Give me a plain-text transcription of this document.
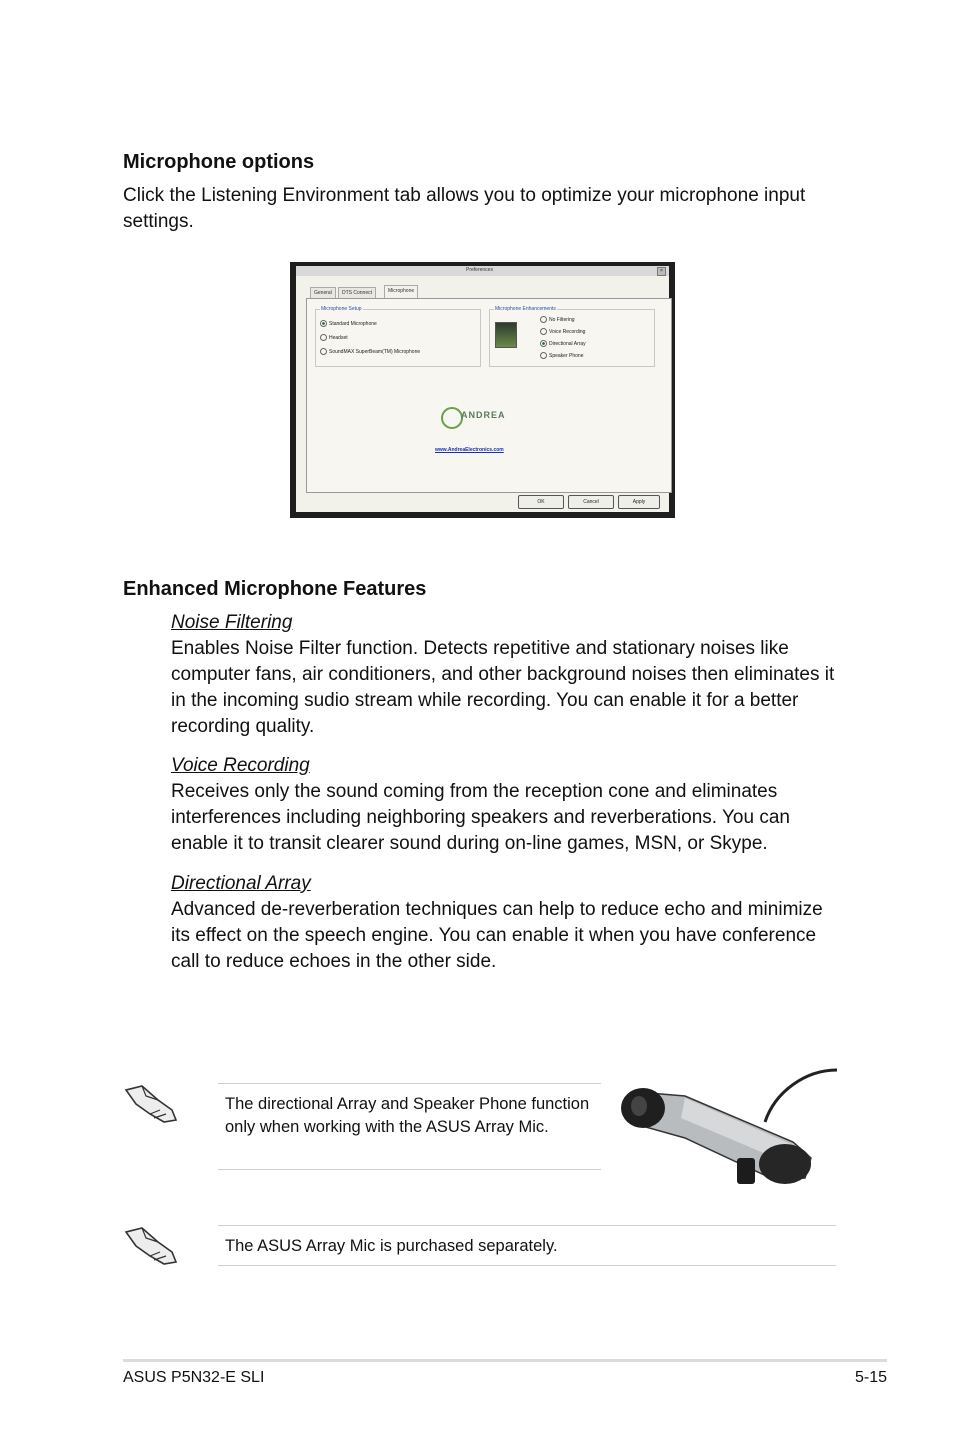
Microphone options

Click the Listening Environment tab allows you to optimize your microphone input settings.

Preferences	×
General	DTS Connect	Microphone
Microphone Setup
Standard Microphone
Headset
SoundMAX SuperBeam(TM) Microphone
Microphone Enhancements
No Filtering
Voice Recording
Directional Array
Speaker Phone
ANDREA
www.AndreaElectronics.com
OK	Cancel	Apply
Enhanced Microphone Features
Noise Filtering

Enables Noise Filter function. Detects repetitive and stationary noises like computer fans, air conditioners, and other background noises then eliminates it in the incoming sudio stream while recording. You can enable it for a better recording quality.

Voice Recording

Receives only the sound coming from the reception cone and eliminates interferences including neighboring speakers and reverberations. You can enable it to transit clearer sound during on-line games, MSN, or Skype.

Directional Array

Advanced de-reverberation techniques can help to reduce echo and minimize its effect on the speech engine. You can enable it when you have conference call to reduce echoes in the other side.

The directional Array and Speaker Phone function only when working with the ASUS Array Mic.
The ASUS Array Mic is purchased separately.
ASUS P5N32-E SLI	5-15
